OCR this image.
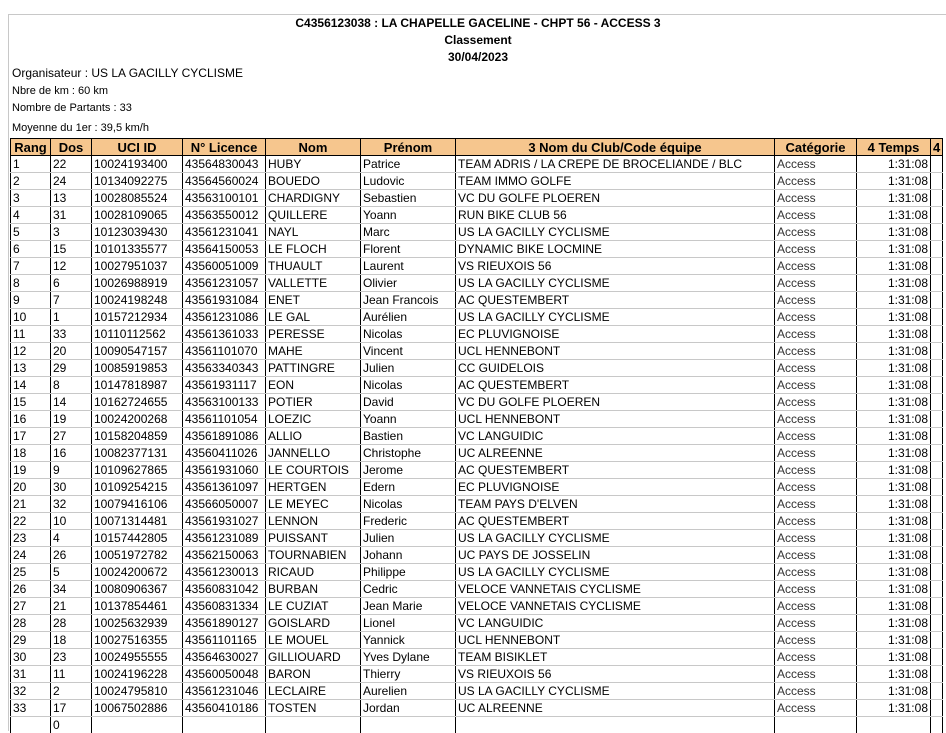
C4356123038 : LA CHAPELLE GACELINE - CHPT 56 - ACCESS 3
Classement
30/04/2023
Organisateur : US LA GACILLY CYCLISME
Nbre de km : 60 km
Nombre de Partants : 33
Moyenne du 1er : 39,5 km/h
Rang	Dos	UCI ID	N° Licence	Nom	Prénom	3 Nom du Club/Code équipe	Catégorie	4 Temps	4
1	22	10024193400	43564830043	HUBY	Patrice	TEAM ADRIS / LA CREPE DE BROCELIANDE / BLC	Access	1:31:08	
2	24	10134092275	43564560024	BOUEDO	Ludovic	TEAM IMMO GOLFE	Access	1:31:08	
3	13	10028085524	43563100101	CHARDIGNY	Sebastien	VC DU GOLFE PLOEREN	Access	1:31:08	
4	31	10028109065	43563550012	QUILLERE	Yoann	RUN BIKE CLUB 56	Access	1:31:08	
5	3	10123039430	43561231041	NAYL	Marc	US LA GACILLY CYCLISME	Access	1:31:08	
6	15	10101335577	43564150053	LE FLOCH	Florent	DYNAMIC BIKE LOCMINE	Access	1:31:08	
7	12	10027951037	43560051009	THUAULT	Laurent	VS RIEUXOIS 56	Access	1:31:08	
8	6	10026988919	43561231057	VALLETTE	Olivier	US LA GACILLY CYCLISME	Access	1:31:08	
9	7	10024198248	43561931084	ENET	Jean Francois	AC QUESTEMBERT	Access	1:31:08	
10	1	10157212934	43561231086	LE GAL	Aurélien	US LA GACILLY CYCLISME	Access	1:31:08	
11	33	10110112562	43561361033	PERESSE	Nicolas	EC PLUVIGNOISE	Access	1:31:08	
12	20	10090547157	43561101070	MAHE	Vincent	UCL HENNEBONT	Access	1:31:08	
13	29	10085919853	43563340343	PATTINGRE	Julien	CC GUIDELOIS	Access	1:31:08	
14	8	10147818987	43561931117	EON	Nicolas	AC QUESTEMBERT	Access	1:31:08	
15	14	10162724655	43563100133	POTIER	David	VC DU GOLFE PLOEREN	Access	1:31:08	
16	19	10024200268	43561101054	LOEZIC	Yoann	UCL HENNEBONT	Access	1:31:08	
17	27	10158204859	43561891086	ALLIO	Bastien	VC LANGUIDIC	Access	1:31:08	
18	16	10082377131	43560411026	JANNELLO	Christophe	UC ALREENNE	Access	1:31:08	
19	9	10109627865	43561931060	LE COURTOIS	Jerome	AC QUESTEMBERT	Access	1:31:08	
20	30	10109254215	43561361097	HERTGEN	Edern	EC PLUVIGNOISE	Access	1:31:08	
21	32	10079416106	43566050007	LE MEYEC	Nicolas	TEAM PAYS D'ELVEN	Access	1:31:08	
22	10	10071314481	43561931027	LENNON	Frederic	AC QUESTEMBERT	Access	1:31:08	
23	4	10157442805	43561231089	PUISSANT	Julien	US LA GACILLY CYCLISME	Access	1:31:08	
24	26	10051972782	43562150063	TOURNABIEN	Johann	UC PAYS DE JOSSELIN	Access	1:31:08	
25	5	10024200672	43561230013	RICAUD	Philippe	US LA GACILLY CYCLISME	Access	1:31:08	
26	34	10080906367	43560831042	BURBAN	Cedric	VELOCE VANNETAIS CYCLISME	Access	1:31:08	
27	21	10137854461	43560831334	LE CUZIAT	Jean Marie	VELOCE VANNETAIS CYCLISME	Access	1:31:08	
28	28	10025632939	43561890127	GOISLARD	Lionel	VC LANGUIDIC	Access	1:31:08	
29	18	10027516355	43561101165	LE MOUEL	Yannick	UCL HENNEBONT	Access	1:31:08	
30	23	10024955555	43564630027	GILLIOUARD	Yves Dylane	TEAM BISIKLET	Access	1:31:08	
31	11	10024196228	43560050048	BARON	Thierry	VS RIEUXOIS 56	Access	1:31:08	
32	2	10024795810	43561231046	LECLAIRE	Aurelien	US LA GACILLY CYCLISME	Access	1:31:08	
33	17	10067502886	43560410186	TOSTEN	Jordan	UC ALREENNE	Access	1:31:08	
	0								
